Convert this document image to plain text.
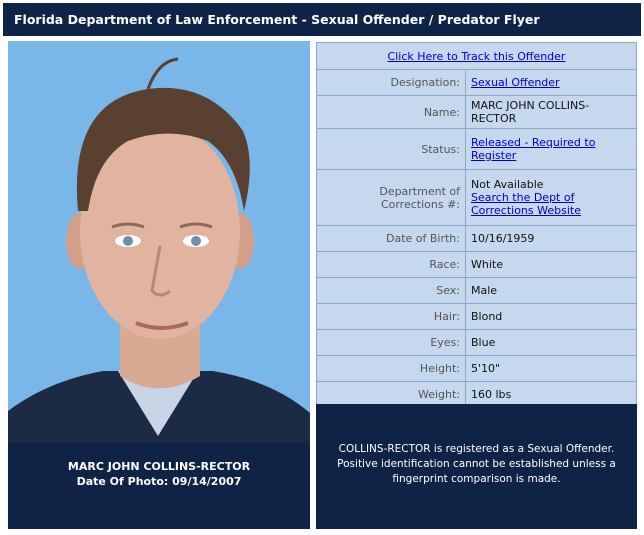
Florida Department of Law Enforcement - Sexual Offender / Predator Flyer
MARC JOHN COLLINS-RECTOR
Date Of Photo: 09/14/2007
Click Here to Track this Offender	
Designation:	Sexual Offender
Name:	MARC JOHN COLLINS-RECTOR
Status:	Released - Required to Register
Department of Corrections #:	Not Available
Search the Dept of Corrections Website
Date of Birth:	10/16/1959
Race:	White
Sex:	Male
Hair:	Blond
Eyes:	Blue
Height:	5'10"
Weight:	160 lbs
COLLINS-RECTOR is registered as a Sexual Offender. Positive identification cannot be established unless a fingerprint comparison is made.
